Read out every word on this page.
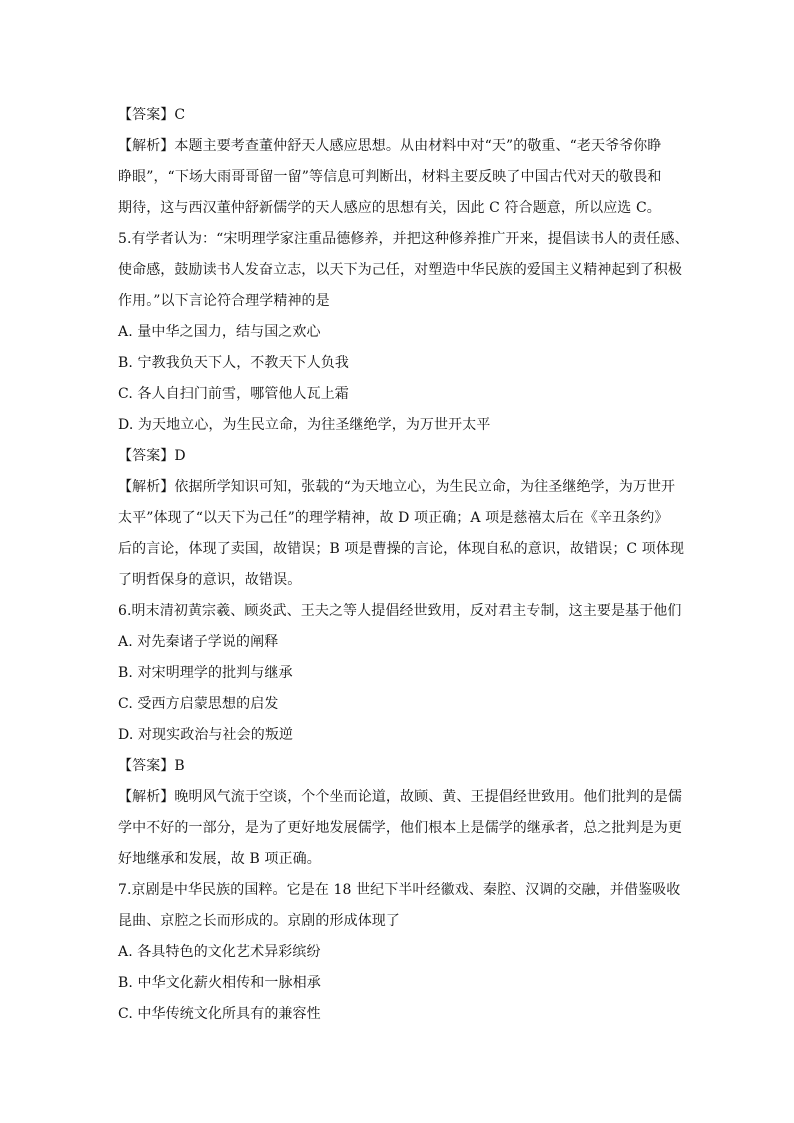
【答案】C
【解析】本题主要考查董仲舒天人感应思想。从由材料中对“天”的敬重、“老天爷爷你睁
睁眼”，“下场大雨哥哥留一留”等信息可判断出，材料主要反映了中国古代对天的敬畏和
期待，这与西汉董仲舒新儒学的天人感应的思想有关，因此 C 符合题意，所以应选 C。
5.有学者认为：“宋明理学家注重品德修养，并把这种修养推广开来，提倡读书人的责任感、
使命感，鼓励读书人发奋立志，以天下为己任，对塑造中华民族的爱国主义精神起到了积极
作用。”以下言论符合理学精神的是
A. 量中华之国力，结与国之欢心
B. 宁教我负天下人，不教天下人负我
C. 各人自扫门前雪，哪管他人瓦上霜
D. 为天地立心，为生民立命，为往圣继绝学，为万世开太平
【答案】D
【解析】依据所学知识可知，张载的“为天地立心，为生民立命，为往圣继绝学，为万世开
太平”体现了“以天下为己任”的理学精神，故 D 项正确；A 项是慈禧太后在《辛丑条约》
后的言论，体现了卖国，故错误；B 项是曹操的言论，体现自私的意识，故错误；C 项体现
了明哲保身的意识，故错误。
6.明末清初黄宗羲、顾炎武、王夫之等人提倡经世致用，反对君主专制，这主要是基于他们
A. 对先秦诸子学说的阐释
B. 对宋明理学的批判与继承
C. 受西方启蒙思想的启发
D. 对现实政治与社会的叛逆
【答案】B
【解析】晚明风气流于空谈，个个坐而论道，故顾、黄、王提倡经世致用。他们批判的是儒
学中不好的一部分，是为了更好地发展儒学，他们根本上是儒学的继承者，总之批判是为更
好地继承和发展，故 B 项正确。
7.京剧是中华民族的国粹。它是在 18 世纪下半叶经徽戏、秦腔、汉调的交融，并借鉴吸收
昆曲、京腔之长而形成的。京剧的形成体现了
A. 各具特色的文化艺术异彩缤纷
B. 中华文化薪火相传和一脉相承
C. 中华传统文化所具有的兼容性
